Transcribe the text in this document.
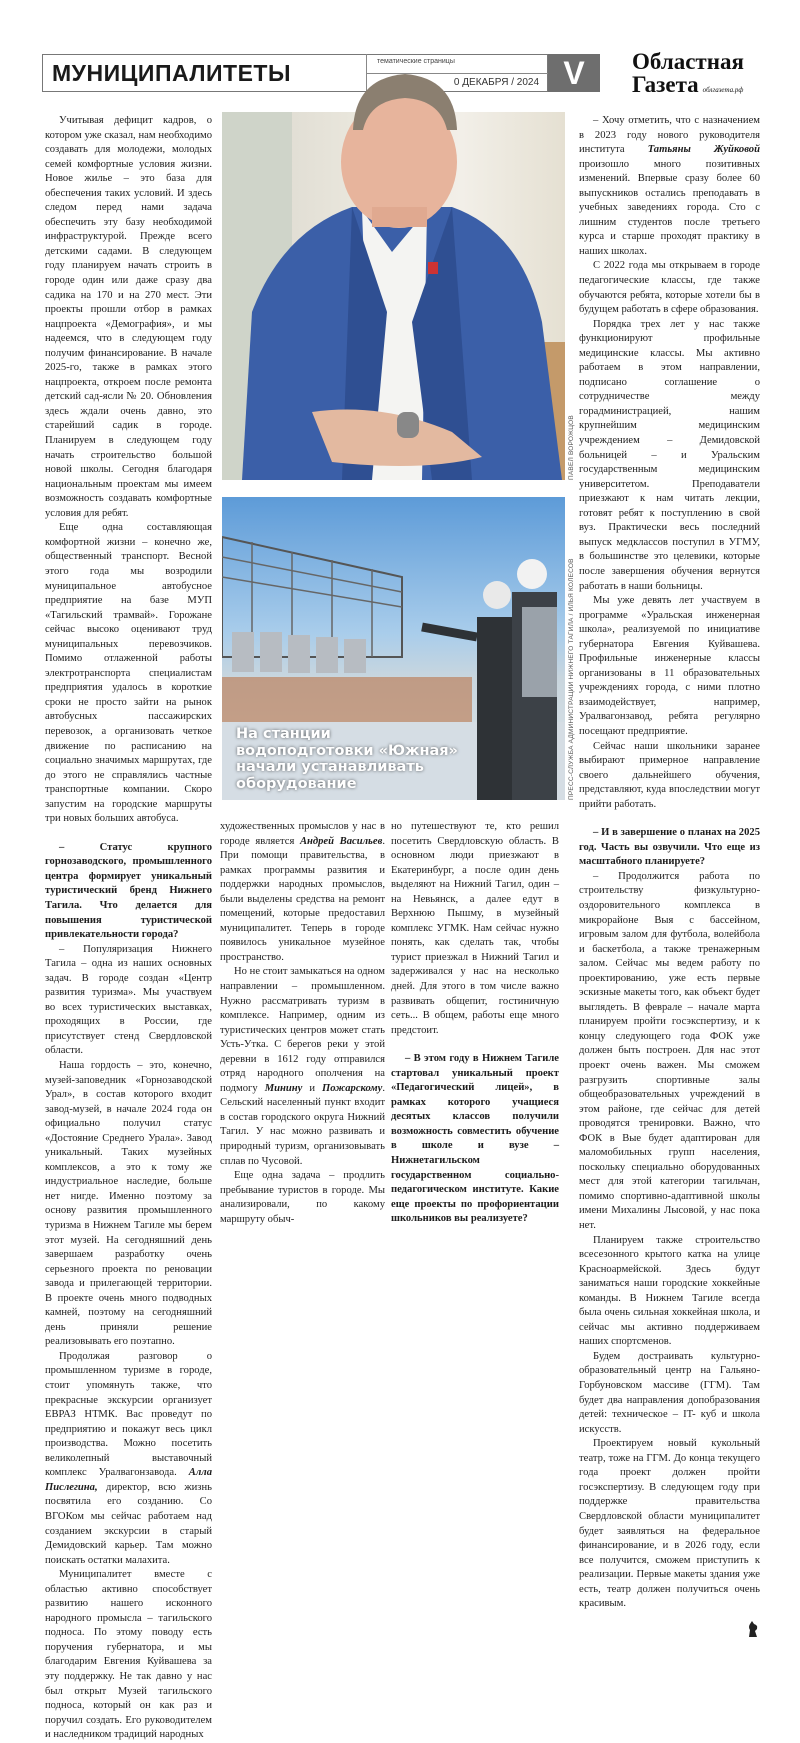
МУНИЦИПАЛИТЕТЫ	тематические страницы
0 ДЕКАБРЯ / 2024 V	Областная
Газета облгазета.рф
ПАВЕЛ ВОРОЖЦОВ
На станции
водоподготовки «Южная»
начали устанавливать
оборудование	ПРЕСС-СЛУЖБА АДМИНИСТРАЦИИ НИЖНЕГО ТАГИЛА / ИЛЬЯ КОЛЕСОВ

Учитывая дефицит кадров, о котором уже сказал, нам необходимо создавать для молодежи, молодых семей комфортные условия жизни. Новое жилье – это база для обеспечения таких условий. И здесь следом перед нами задача обеспечить эту базу необходимой инфраструктурой. Прежде всего детскими садами. В следующем году планируем начать строить в городе один или даже сразу два садика на 170 и на 270 мест. Эти проекты прошли отбор в рамках нацпроекта «Демография», и мы надеемся, что в следующем году получим финансирование. В начале 2025-го, также в рамках этого нацпроекта, откроем после ремонта детский сад-ясли № 20. Обновления здесь ждали очень давно, это старейший садик в городе. Планируем в следующем году начать строительство большой новой школы. Сегодня благодаря национальным проектам мы имеем возможность создавать комфортные условия для ребят.

Еще одна составляющая комфортной жизни – конечно же, общественный транспорт. Весной этого года мы возродили муниципальное автобусное предприятие на базе МУП «Тагильский трамвай». Горожане сейчас высоко оценивают труд муниципальных перевозчиков. Помимо отлаженной работы электротранспорта специалистам предприятия удалось в короткие сроки не просто зайти на рынок автобусных пассажирских перевозок, а организовать четкое движение по расписанию на социально значимых маршрутах, где до этого не справлялись частные транспортные компании. Скоро запустим на городские маршруты три новых больших автобуса.

– Статус крупного горнозаводского, промышленного центра формирует уникальный туристический бренд Нижнего Тагила. Что делается для повышения туристической привлекательности города?

– Популяризация Нижнего Тагила – одна из наших основных задач. В городе создан «Центр развития туризма». Мы участвуем во всех туристических выставках, проходящих в России, где присутствует стенд Свердловской области.

Наша гордость – это, конечно, музей-заповедник «Горнозаводской Урал», в состав которого входит завод-музей, в начале 2024 года он официально получил статус «Достояние Среднего Урала». Завод уникальный. Таких музейных комплексов, а это к тому же индустриальное наследие, больше нет нигде. Именно поэтому за основу развития промышленного туризма в Нижнем Тагиле мы берем этот музей. На сегодняшний день завершаем разработку очень серьезного проекта по реновации завода и прилегающей территории. В проекте очень много подводных камней, поэтому на сегодняшний день приняли решение реализовывать его поэтапно.

Продолжая разговор о промышленном туризме в городе, стоит упомянуть также, что прекрасные экскурсии организует ЕВРАЗ НТМК. Вас проведут по предприятию и покажут весь цикл производства. Можно посетить великолепный выставочный комплекс Уралвагонзавода. Алла Пислегина, директор, всю жизнь посвятила его созданию. Со ВГОКом мы сейчас работаем над созданием экскурсии в старый Демидовский карьер. Там можно поискать остатки малахита.

Муниципалитет вместе с областью активно способствует развитию нашего исконного народного промысла – тагильского подноса. По этому поводу есть поручения губернатора, и мы благодарим Евгения Куйвашева за эту поддержку. Не так давно у нас был открыт Музей тагильского подноса, который он как раз и поручил создать. Его руководителем и наследником традиций народных

художественных промыслов у нас в городе является Андрей Васильев. При помощи правительства, в рамках программы развития и поддержки народных промыслов, были выделены средства на ремонт помещений, которые предоставил муниципалитет. Теперь в городе появилось уникальное музейное пространство.

Но не стоит замыкаться на одном направлении – промышленном. Нужно рассматривать туризм в комплексе. Например, одним из туристических центров может стать Усть-Утка. С берегов реки у этой деревни в 1612 году отправился отряд народного ополчения на подмогу Минину и Пожарскому. Сельский населенный пункт входит в состав городского округа Нижний Тагил. У нас можно развивать и природный туризм, организовывать сплав по Чусовой.

Еще одна задача – продлить пребывание туристов в городе. Мы анализировали, по какому маршруту обыч-

но путешествуют те, кто решил посетить Свердловскую область. В основном люди приезжают в Екатеринбург, а после один день выделяют на Нижний Тагил, один – на Невьянск, а далее едут в Верхнюю Пышму, в музейный комплекс УГМК. Нам сейчас нужно понять, как сделать так, чтобы турист приезжал в Нижний Тагил и задерживался у нас на несколько дней. Для этого в том числе важно развивать общепит, гостиничную сеть... В общем, работы еще много предстоит.

– В этом году в Нижнем Тагиле стартовал уникальный проект «Педагогический лицей», в рамках которого учащиеся десятых классов получили возможность совместить обучение в школе и вузе – Нижнетагильском государственном социально-педагогическом институте. Какие еще проекты по профориентации школьников вы реализуете?

– Хочу отметить, что с назначением в 2023 году нового руководителя института Татьяны Жуйковой произошло много позитивных изменений. Впервые сразу более 60 выпускников остались преподавать в учебных заведениях города. Сто с лишним студентов после третьего курса и старше проходят практику в наших школах.

С 2022 года мы открываем в городе педагогические классы, где также обучаются ребята, которые хотели бы в будущем работать в сфере образования.

Порядка трех лет у нас также функционируют профильные медицинские классы. Мы активно работаем в этом направлении, подписано соглашение о сотрудничестве между горадминистрацией, нашим крупнейшим медицинским учреждением – Демидовской больницей – и Уральским государственным медицинским университетом. Преподаватели приезжают к нам читать лекции, готовят ребят к поступлению в свой вуз. Практически весь последний выпуск медклассов поступил в УГМУ, в большинстве это целевики, которые после завершения обучения вернутся работать в наши больницы.

Мы уже девять лет участвуем в программе «Уральская инженерная школа», реализуемой по инициативе губернатора Евгения Куйвашева. Профильные инженерные классы организованы в 11 образовательных учреждениях города, с ними плотно взаимодействует, например, Уралвагонзавод, ребята регулярно посещают предприятие.

Сейчас наши школьники заранее выбирают примерное направление своего дальнейшего обучения, представляют, куда впоследствии могут прийти работать.

– И в завершение о планах на 2025 год. Часть вы озвучили. Что еще из масштабного планируете?

– Продолжится работа по строительству физкультурно-оздоровительного комплекса в микрорайоне Выя с бассейном, игровым залом для футбола, волейбола и баскетбола, а также тренажерным залом. Сейчас мы ведем работу по проектированию, уже есть первые эскизные макеты того, как объект будет выглядеть. В феврале – начале марта планируем пройти госэкспертизу, и к концу следующего года ФОК уже должен быть построен. Для нас этот проект очень важен. Мы сможем разгрузить спортивные залы общеобразовательных учреждений в этом районе, где сейчас для детей проводятся тренировки. Важно, что ФОК в Вые будет адаптирован для маломобильных групп населения, поскольку специально оборудованных мест для этой категории тагильчан, помимо спортивно-адаптивной школы имени Михалины Лысовой, у нас пока нет.

Планируем также строительство всесезонного крытого катка на улице Красноармейской. Здесь будут заниматься наши городские хоккейные команды. В Нижнем Тагиле всегда была очень сильная хоккейная школа, и сейчас мы активно поддерживаем наших спортсменов.

Будем достраивать культурно-образовательный центр на Гальяно-Горбуновском массиве (ГГМ). Там будет два направления допобразования детей: техническое – IT- куб и школа искусств.

Проектируем новый кукольный театр, тоже на ГГМ. До конца текущего года проект должен пройти госэкспертизу. В следующем году при поддержке правительства Свердловской области муниципалитет будет заявляться на федеральное финансирование, и в 2026 году, если все получится, сможем приступить к реализации. Первые макеты здания уже есть, театр должен получиться очень красивым.
